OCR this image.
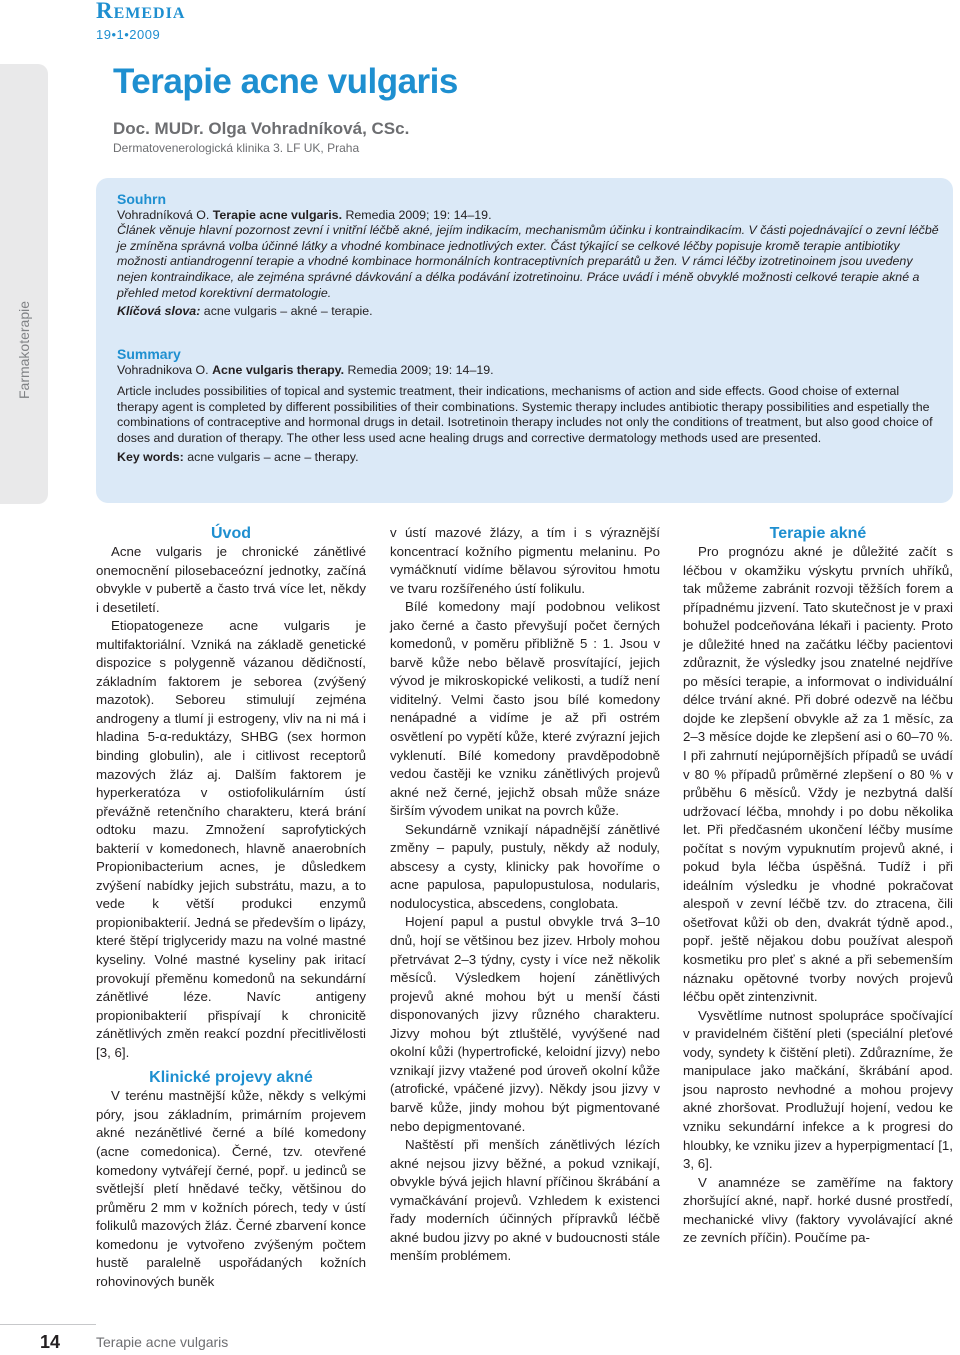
Remedia
19•1•2009
Farmakoterapie
Terapie acne vulgaris
Doc. MUDr. Olga Vohradníková, CSc.
Dermatovenerologická klinika 3. LF UK, Praha
Souhrn

Vohradníková O. Terapie acne vulgaris. Remedia 2009; 19: 14–19.

Článek věnuje hlavní pozornost zevní i vnitřní léčbě akné, jejím indikacím, mechanismům účinku i kontraindikacím. V části pojednávající o zevní léčbě je zmíněna správná volba účinné látky a vhodné kombinace jednotlivých exter. Část týkající se celkové léčby popisuje kromě terapie antibiotiky možnosti antiandrogenní terapie a vhodné kombinace hormonálních kontraceptivních preparátů u žen. V rámci léčby izotretinoinem jsou uvedeny nejen kontraindikace, ale zejména správné dávkování a délka podávání izotretinoinu. Práce uvádí i méně obvyklé možnosti celkové terapie akné a přehled metod korektivní dermatologie.

Klíčová slova: acne vulgaris – akné – terapie.

Summary

Vohradnikova O. Acne vulgaris therapy. Remedia 2009; 19: 14–19.

Article includes possibilities of topical and systemic treatment, their indications, mechanisms of action and side effects. Good choise of external therapy agent is completed by different possibilities of their combinations. Systemic therapy includes antibiotic therapy possibilities and espetially the combinations of contraceptive and hormonal drugs in detail. Isotretinoin therapy includes not only the conditions of treatment, but also good choice of doses and duration of therapy. The other less used acne healing drugs and corrective dermatology methods used are presented.

Key words: acne vulgaris – acne – therapy.

Úvod

Acne vulgaris je chronické zánětlivé onemocnění pilosebaceózní jednotky, začíná obvykle v pubertě a často trvá více let, někdy i desetiletí.

Etiopatogeneze acne vulgaris je multifaktoriální. Vzniká na základě genetické dispozice s polygenně vázanou dědičností, základním faktorem je seborea (zvýšený mazotok). Seboreu stimulují zejména androgeny a tlumí ji estrogeny, vliv na ni má i hladina 5-α-reduktázy, SHBG (sex hormon binding globulin), ale i citlivost receptorů mazových žláz aj. Dalším faktorem je hyperkeratóza v ostiofolikulárním ústí převážně retenčního charakteru, která brání odtoku mazu. Zmnožení saprofytických bakterií v komedonech, hlavně anaerobních Propionibacterium acnes, je důsledkem zvýšení nabídky jejich substrátu, mazu, a to vede k větší produkci enzymů propionibakterií. Jedná se především o lipázy, které štěpí triglyceridy mazu na volné mastné kyseliny. Volné mastné kyseliny pak iritací provokují přeměnu komedonů na sekundární zánětlivé léze. Navíc antigeny propionibakterií přispívají k chronicitě zánětlivých změn reakcí pozdní přecitlivělosti [3, 6].

Klinické projevy akné

V terénu mastnější kůže, někdy s velkými póry, jsou základním, primárním projevem akné nezánětlivé černé a bílé komedony (acne comedonica). Černé, tzv. otevřené komedony vytvářejí černé, popř. u jedinců se světlejší pletí hnědavé tečky, většinou do průměru 2 mm v kožních pórech, tedy v ústí folikulů mazových žláz. Černé zbarvení konce komedonu je vytvořeno zvýšeným počtem hustě paralelně uspořádaných kožních rohovinových buněk

v ústí mazové žlázy, a tím i s výraznější koncentrací kožního pigmentu melaninu. Po vymáčknutí vidíme bělavou sýrovitou hmotu ve tvaru rozšířeného ústí folikulu.

Bílé komedony mají podobnou velikost jako černé a často převyšují počet černých komedonů, v poměru přibližně 5 : 1. Jsou v barvě kůže nebo bělavě prosvítající, jejich vývod je mikroskopické velikosti, a tudíž není viditelný. Velmi často jsou bílé komedony nenápadné a vidíme je až při ostrém osvětlení po vypětí kůže, které zvýrazní jejich vyklenutí. Bílé komedony pravděpodobně vedou častěji ke vzniku zánětlivých projevů akné než černé, jejichž obsah může snáze širším vývodem unikat na povrch kůže.

Sekundárně vznikají nápadnější zánětlivé změny – papuly, pustuly, někdy až noduly, abscesy a cysty, klinicky pak hovoříme o acne papulosa, papulopustulosa, nodularis, nodulocystica, abscedens, conglobata.

Hojení papul a pustul obvykle trvá 3–10 dnů, hojí se většinou bez jizev. Hrboly mohou přetrvávat 2–3 týdny, cysty i více než několik měsíců. Výsledkem hojení zánětlivých projevů akné mohou být u menší části disponovaných jizvy různého charakteru. Jizvy mohou být ztluštělé, vyvýšené nad okolní kůži (hypertrofické, keloidní jizvy) nebo vznikají jizvy vtažené pod úroveň okolní kůže (atrofické, vpáčené jizvy). Někdy jsou jizvy v barvě kůže, jindy mohou být pigmentované nebo depigmentované.

Naštěstí při menších zánětlivých lézích akné nejsou jizvy běžné, a pokud vznikají, obvykle bývá jejich hlavní příčinou škrábání a vymačkávání projevů. Vzhledem k existenci řady moderních účinných přípravků léčbě akné budou jizvy po akné v budoucnosti stále menším problémem.

Terapie akné

Pro prognózu akné je důležité začít s léčbou v okamžiku výskytu prvních uhříků, tak můžeme zabránit rozvoji těžších forem a případnému jizvení. Tato skutečnost je v praxi bohužel podceňována lékaři i pacienty. Proto je důležité hned na začátku léčby pacientovi zdůraznit, že výsledky jsou znatelné nejdříve po měsíci terapie, a informovat o individuální délce trvání akné. Při dobré odezvě na léčbu dojde ke zlepšení obvykle až za 1 měsíc, za 2–3 měsíce dojde ke zlepšení asi o 60–70 %. I při zahrnutí nejúpornějších případů se uvádí v 80 % případů průměrné zlepšení o 80 % v průběhu 6 měsíců. Vždy je nezbytná další udržovací léčba, mnohdy i po dobu několika let. Při předčasném ukončení léčby musíme počítat s novým vypuknutím projevů akné, i pokud byla léčba úspěšná. Tudíž i při ideálním výsledku je vhodné pokračovat alespoň v zevní léčbě tzv. do ztracena, čili ošetřovat kůži ob den, dvakrát týdně apod., popř. ještě nějakou dobu používat alespoň kosmetiku pro pleť s akné a při sebemenším náznaku opětovné tvorby nových projevů léčbu opět zintenzivnit.

Vysvětlíme nutnost spolupráce spočívající v pravidelném čištění pleti (speciální pleťové vody, syndety k čištění pleti). Zdůrazníme, že manipulace jako mačkání, škrábání apod. jsou naprosto nevhodné a mohou projevy akné zhoršovat. Prodlužují hojení, vedou ke vzniku sekundární infekce a k progresi do hloubky, ke vzniku jizev a hyperpigmentací [1, 3, 6].

V anamnéze se zaměříme na faktory zhoršující akné, např. horké dusné prostředí, mechanické vlivy (faktory vyvolávající akné ze zevních příčin). Poučíme pa-

14	Terapie acne vulgaris
